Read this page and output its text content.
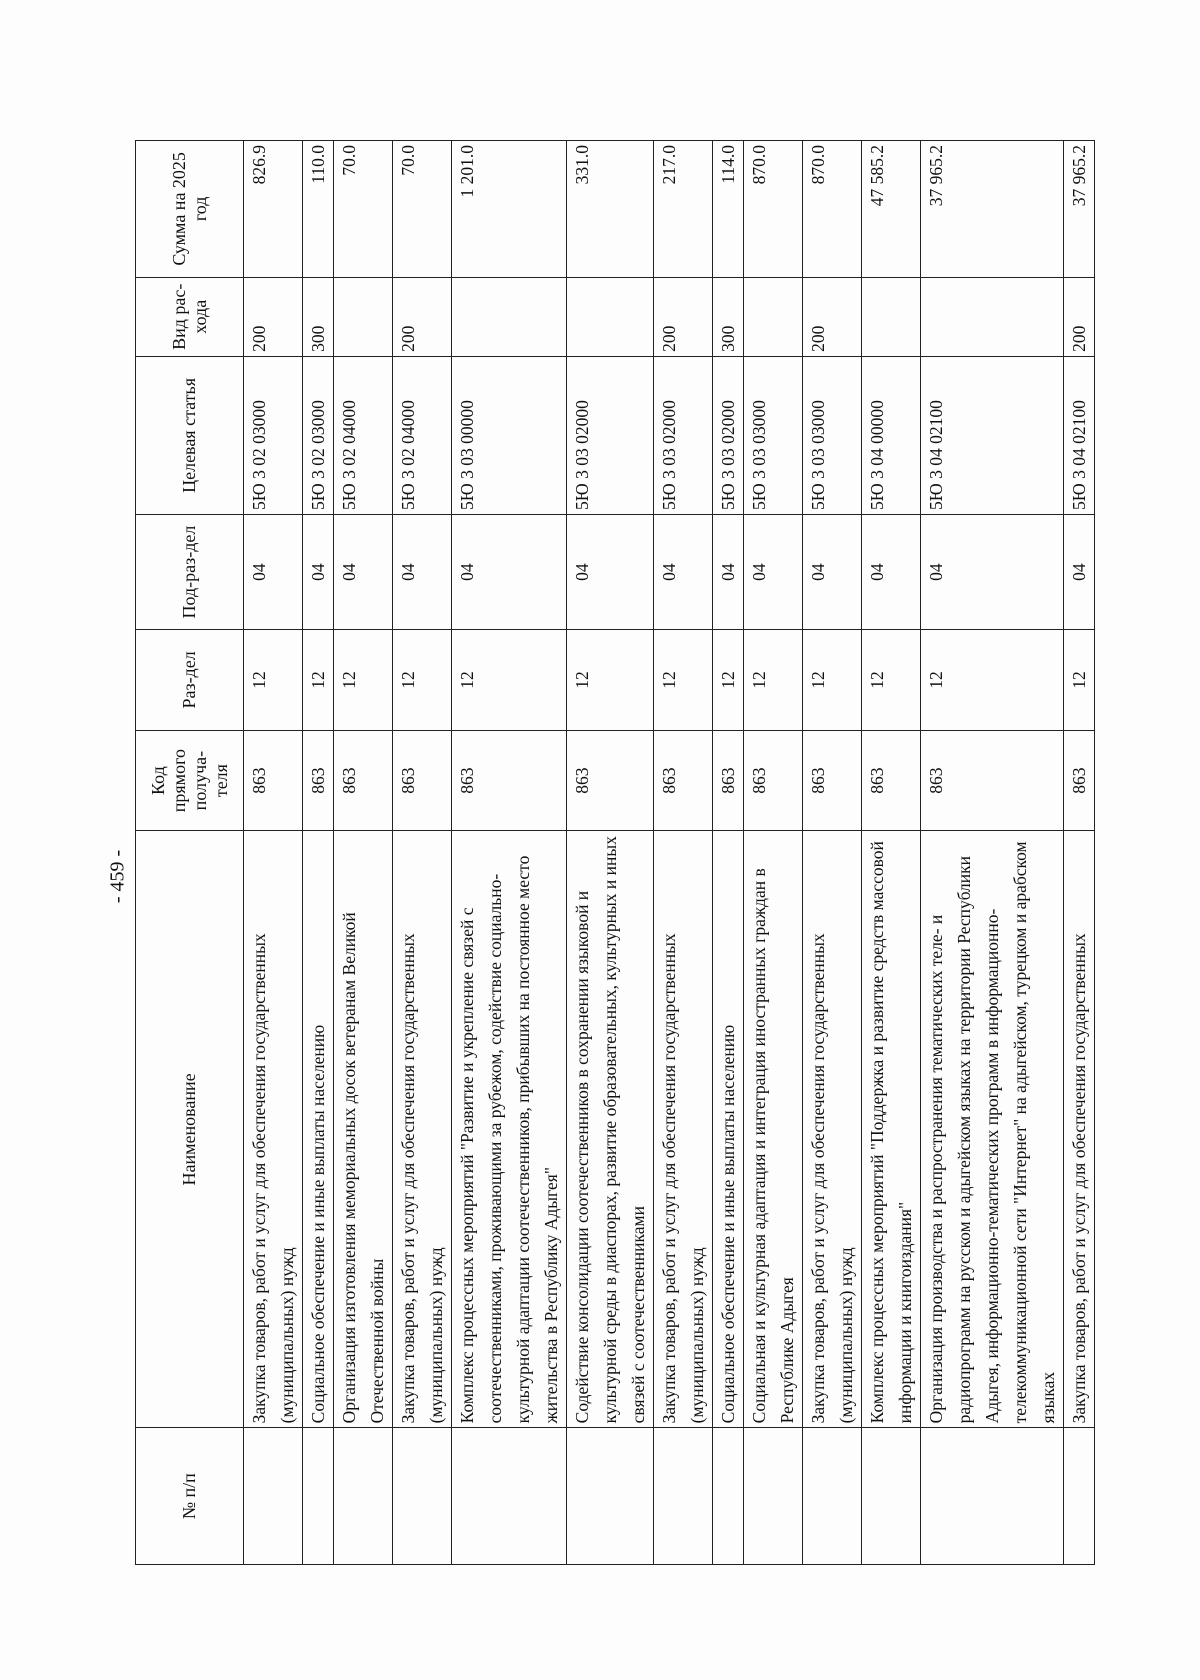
- 459 -
№ п/п	Наименование	Код прямого получа-теля	Раз-дел	Под-раз-дел	Целевая статья	Вид рас-хода	Сумма на 2025 год
	Закупка товаров, работ и услуг для обеспечения государственных (муниципальных) нужд	863	12	04	5Ю 3 02 03000	200	826.9
	Социальное обеспечение и иные выплаты населению	863	12	04	5Ю 3 02 03000	300	110.0
	Организация изготовления мемориальных досок ветеранам Великой Отечественной войны	863	12	04	5Ю 3 02 04000		70.0
	Закупка товаров, работ и услуг для обеспечения государственных (муниципальных) нужд	863	12	04	5Ю 3 02 04000	200	70.0
	Комплекс процессных мероприятий "Развитие и укрепление связей с соотечественниками, проживающими за рубежом, содействие социально-культурной адаптации соотечественников, прибывших на постоянное место жительства в Республику Адыгея"	863	12	04	5Ю 3 03 00000		1 201.0
	Содействие консолидации соотечественников в сохранении языковой и культурной среды в диаспорах, развитие образовательных, культурных и иных связей с соотечественниками	863	12	04	5Ю 3 03 02000		331.0
	Закупка товаров, работ и услуг для обеспечения государственных (муниципальных) нужд	863	12	04	5Ю 3 03 02000	200	217.0
	Социальное обеспечение и иные выплаты населению	863	12	04	5Ю 3 03 02000	300	114.0
	Социальная и культурная адаптация и интеграция иностранных граждан в Республике Адыгея	863	12	04	5Ю 3 03 03000		870.0
	Закупка товаров, работ и услуг для обеспечения государственных (муниципальных) нужд	863	12	04	5Ю 3 03 03000	200	870.0
	Комплекс процессных мероприятий "Поддержка и развитие средств массовой информации и книгоиздания"	863	12	04	5Ю 3 04 00000		47 585.2
	Организация производства и распространения тематических теле- и радиопрограмм на русском и адыгейском языках на территории Республики Адыгея, информационно-тематических программ в информационно-телекоммуникационной сети "Интернет" на адыгейском, турецком и арабском языках	863	12	04	5Ю 3 04 02100		37 965.2
	Закупка товаров, работ и услуг для обеспечения государственных	863	12	04	5Ю 3 04 02100	200	37 965.2
